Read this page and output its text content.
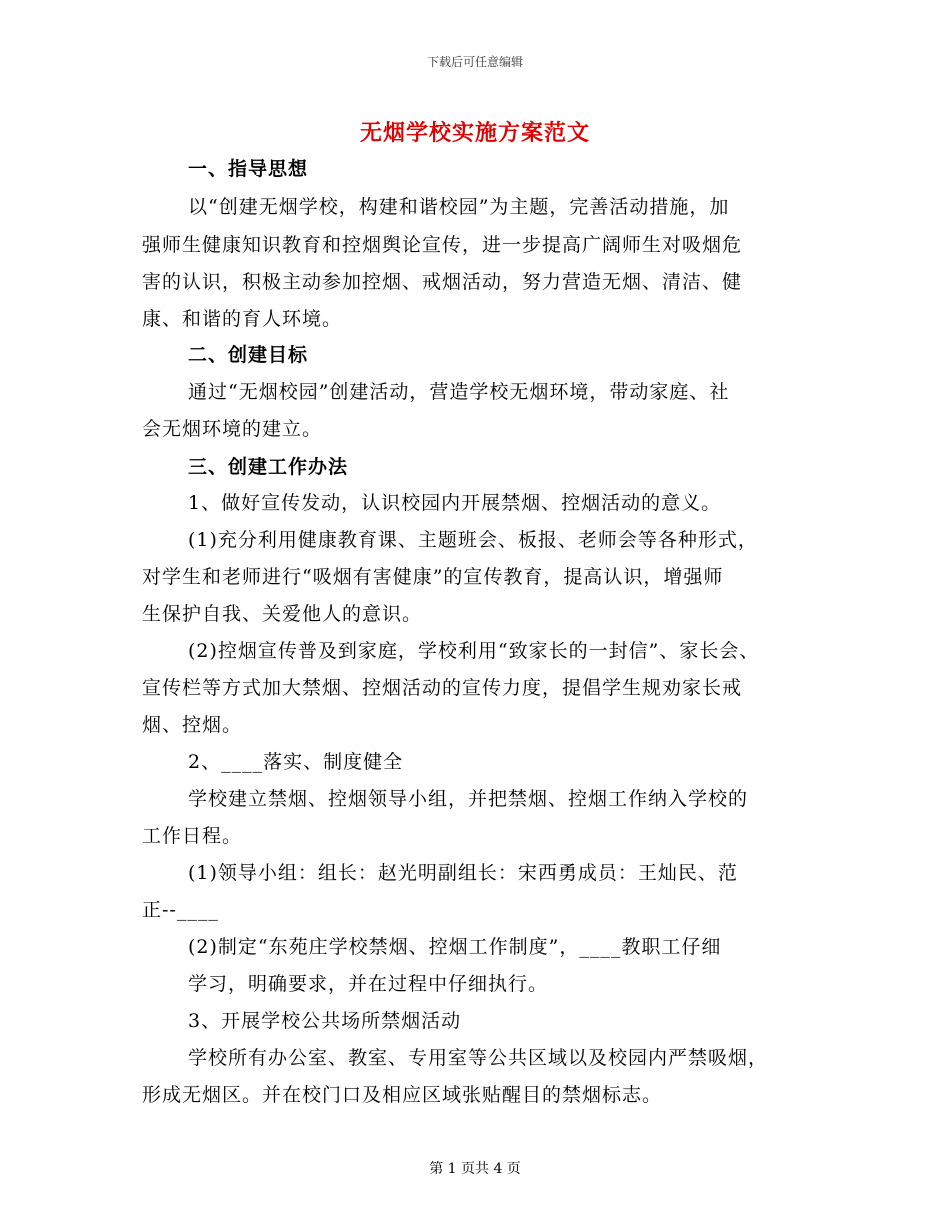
下载后可任意编辑
无烟学校实施方案范文
一、指导思想
以“创建无烟学校，构建和谐校园”为主题，完善活动措施，加
强师生健康知识教育和控烟舆论宣传，进一步提高广阔师生对吸烟危
害的认识，积极主动参加控烟、戒烟活动，努力营造无烟、清洁、健
康、和谐的育人环境。
二、创建目标
通过“无烟校园”创建活动，营造学校无烟环境，带动家庭、社
会无烟环境的建立。
三、创建工作办法
1、做好宣传发动，认识校园内开展禁烟、控烟活动的意义。
(1)充分利用健康教育课、主题班会、板报、老师会等各种形式，
对学生和老师进行“吸烟有害健康”的宣传教育，提高认识，增强师
生保护自我、关爱他人的意识。
(2)控烟宣传普及到家庭，学校利用“致家长的一封信”、家长会、
宣传栏等方式加大禁烟、控烟活动的宣传力度，提倡学生规劝家长戒
烟、控烟。
2、____落实、制度健全
学校建立禁烟、控烟领导小组，并把禁烟、控烟工作纳入学校的
工作日程。
(1)领导小组：组长：赵光明副组长：宋西勇成员：王灿民、范
正--____
(2)制定“东苑庄学校禁烟、控烟工作制度”，____教职工仔细
学习，明确要求，并在过程中仔细执行。
3、开展学校公共场所禁烟活动
学校所有办公室、教室、专用室等公共区域以及校园内严禁吸烟，
形成无烟区。并在校门口及相应区域张贴醒目的禁烟标志。
第 1 页共 4 页
